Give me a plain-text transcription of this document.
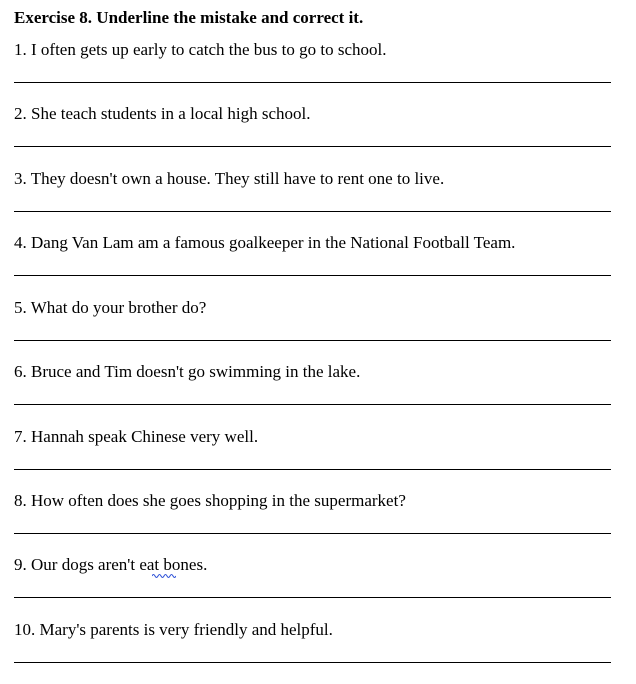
Exercise 8. Underline the mistake and correct it.
1. I often gets up early to catch the bus to go to school.
2. She teach students in a local high school.
3. They doesn't own a house. They still have to rent one to live.
4. Dang Van Lam am a famous goalkeeper in the National Football Team.
5. What do your brother do?
6. Bruce and Tim doesn't go swimming in the lake.
7. Hannah speak Chinese very well.
8. How often does she goes shopping in the supermarket?
9. Our dogs aren't eat bones.
10. Mary's parents is very friendly and helpful.
